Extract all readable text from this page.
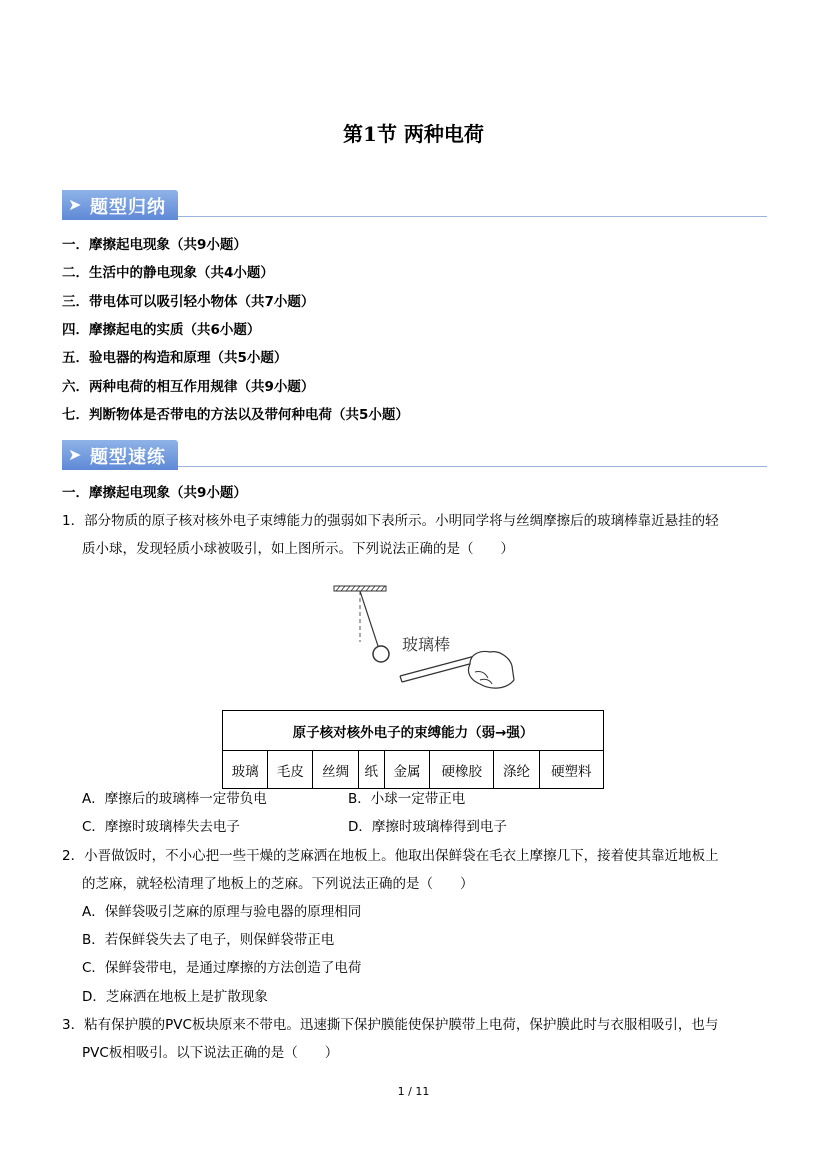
第1节 两种电荷
➤ 题型归纳
一．摩擦起电现象（共9小题）
二．生活中的静电现象（共4小题）
三．带电体可以吸引轻小物体（共7小题）
四．摩擦起电的实质（共6小题）
五．验电器的构造和原理（共5小题）
六．两种电荷的相互作用规律（共9小题）
七．判断物体是否带电的方法以及带何种电荷（共5小题）
➤ 题型速练
一．摩擦起电现象（共9小题）
1．部分物质的原子核对核外电子束缚能力的强弱如下表所示。小明同学将与丝绸摩擦后的玻璃棒靠近悬挂的轻
质小球，发现轻质小球被吸引，如上图所示。下列说法正确的是（　　）
玻璃棒
原子核对核外电子的束缚能力（弱→强）
玻璃	毛皮	丝绸	纸	金属	硬橡胶	涤纶	硬塑料
A．摩擦后的玻璃棒一定带负电	B．小球一定带正电
C．摩擦时玻璃棒失去电子	D．摩擦时玻璃棒得到电子
2．小晋做饭时，不小心把一些干燥的芝麻洒在地板上。他取出保鲜袋在毛衣上摩擦几下，接着使其靠近地板上
的芝麻，就轻松清理了地板上的芝麻。下列说法正确的是（　　）
A．保鲜袋吸引芝麻的原理与验电器的原理相同
B．若保鲜袋失去了电子，则保鲜袋带正电
C．保鲜袋带电，是通过摩擦的方法创造了电荷
D．芝麻洒在地板上是扩散现象
3．粘有保护膜的PVC板块原来不带电。迅速撕下保护膜能使保护膜带上电荷，保护膜此时与衣服相吸引，也与
PVC板相吸引。以下说法正确的是（　　）
1 / 11
